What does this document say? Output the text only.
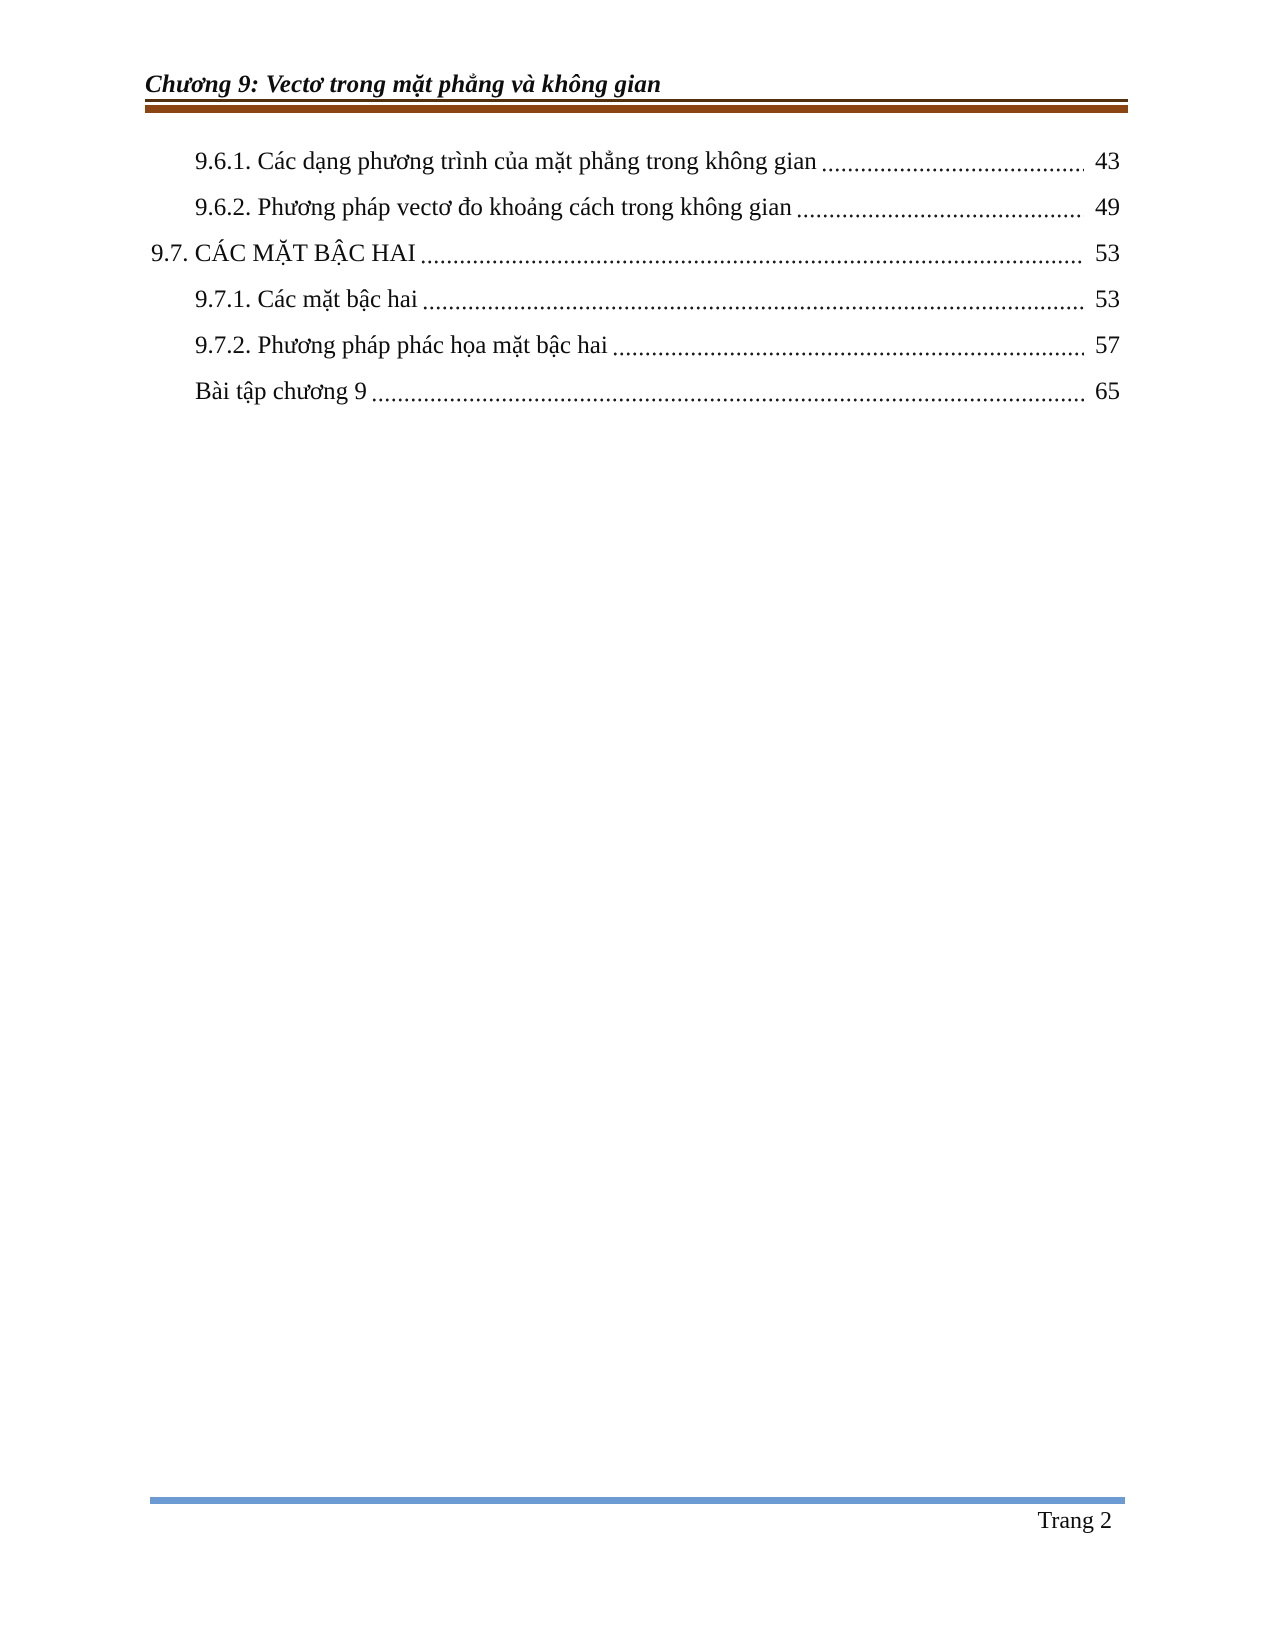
Chương 9: Vectơ trong mặt phẳng và không gian
9.6.1. Các dạng phương trình của mặt phẳng trong không gian	43
9.6.2. Phương pháp vectơ đo khoảng cách trong không gian	49
9.7. CÁC MẶT BẬC HAI	53
9.7.1. Các mặt bậc hai	53
9.7.2. Phương pháp phác họa mặt bậc hai	57
Bài tập chương 9	65
Trang 2
